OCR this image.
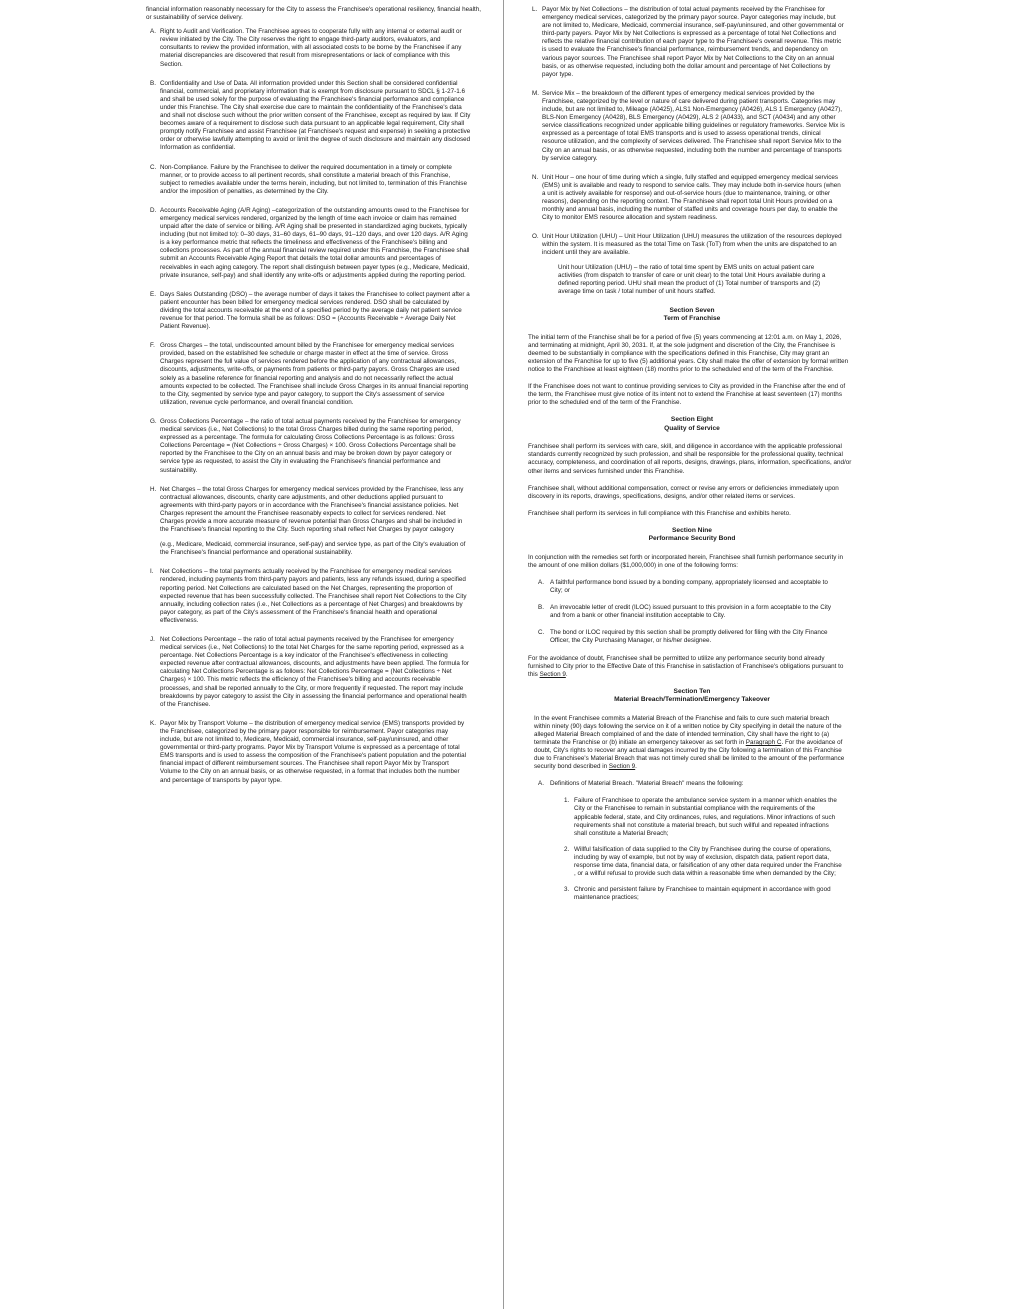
financial information reasonably necessary for the City to assess the Franchisee's operational resiliency, financial health, or sustainability of service delivery.

A. Right to Audit and Verification. The Franchisee agrees to cooperate fully with any internal or external audit or review initiated by the City. The City reserves the right to engage third-party auditors, evaluators, and consultants to review the provided information, with all associated costs to be borne by the Franchisee if any material discrepancies are discovered that result from misrepresentations or lack of compliance with this Section.

B. Confidentiality and Use of Data. All information provided under this Section shall be considered confidential financial, commercial, and proprietary information that is exempt from disclosure pursuant to SDCL § 1-27-1.6 and shall be used solely for the purpose of evaluating the Franchisee's financial performance and compliance under this Franchise. The City shall exercise due care to maintain the confidentiality of the Franchisee's data and shall not disclose such without the prior written consent of the Franchisee, except as required by law. If City becomes aware of a requirement to disclose such data pursuant to an applicable legal requirement, City shall promptly notify Franchisee and assist Franchisee (at Franchisee's request and expense) in seeking a protective order or otherwise lawfully attempting to avoid or limit the degree of such disclosure and maintain any disclosed Information as confidential.

C. Non-Compliance. Failure by the Franchisee to deliver the required documentation in a timely or complete manner, or to provide access to all pertinent records, shall constitute a material breach of this Franchise, subject to remedies available under the terms herein, including, but not limited to, termination of this Franchise and/or the imposition of penalties, as determined by the City.

D. Accounts Receivable Aging (A/R Aging) –categorization of the outstanding amounts owed to the Franchisee for emergency medical services rendered, organized by the length of time each invoice or claim has remained unpaid after the date of service or billing. A/R Aging shall be presented in standardized aging buckets, typically including (but not limited to): 0–30 days, 31–60 days, 61–90 days, 91–120 days, and over 120 days. A/R Aging is a key performance metric that reflects the timeliness and effectiveness of the Franchisee's billing and collections processes. As part of the annual financial review required under this Franchise, the Franchisee shall submit an Accounts Receivable Aging Report that details the total dollar amounts and percentages of receivables in each aging category. The report shall distinguish between payer types (e.g., Medicare, Medicaid, private insurance, self-pay) and shall identify any write-offs or adjustments applied during the reporting period.

E. Days Sales Outstanding (DSO) – the average number of days it takes the Franchisee to collect payment after a patient encounter has been billed for emergency medical services rendered. DSO shall be calculated by dividing the total accounts receivable at the end of a specified period by the average daily net patient service revenue for that period. The formula shall be as follows: DSO = (Accounts Receivable ÷ Average Daily Net Patient Revenue).

F. Gross Charges – the total, undiscounted amount billed by the Franchisee for emergency medical services provided, based on the established fee schedule or charge master in effect at the time of service. Gross Charges represent the full value of services rendered before the application of any contractual allowances, discounts, adjustments, write-offs, or payments from patients or third-party payors. Gross Charges are used solely as a baseline reference for financial reporting and analysis and do not necessarily reflect the actual amounts expected to be collected. The Franchisee shall include Gross Charges in its annual financial reporting to the City, segmented by service type and payor category, to support the City's assessment of service utilization, revenue cycle performance, and overall financial condition.

G. Gross Collections Percentage – the ratio of total actual payments received by the Franchisee for emergency medical services (i.e., Net Collections) to the total Gross Charges billed during the same reporting period, expressed as a percentage. The formula for calculating Gross Collections Percentage is as follows: Gross Collections Percentage = (Net Collections ÷ Gross Charges) × 100. Gross Collections Percentage shall be reported by the Franchisee to the City on an annual basis and may be broken down by payor category or service type as requested, to assist the City in evaluating the Franchisee's financial performance and sustainability.

H. Net Charges – the total Gross Charges for emergency medical services provided by the Franchisee, less any contractual allowances, discounts, charity care adjustments, and other deductions applied pursuant to agreements with third-party payors or in accordance with the Franchisee's financial assistance policies. Net Charges represent the amount the Franchisee reasonably expects to collect for services rendered. Net Charges provide a more accurate measure of revenue potential than Gross Charges and shall be included in the Franchisee's financial reporting to the City. Such reporting shall reflect Net Charges by payor category

(e.g., Medicare, Medicaid, commercial insurance, self-pay) and service type, as part of the City's evaluation of the Franchisee's financial performance and operational sustainability.

I.	Net Collections – the total payments actually received by the Franchisee for emergency medical services rendered, including payments from third-party payors and patients, less any refunds issued, during a specified reporting period. Net Collections are calculated based on the Net Charges, representing the proportion of expected revenue that has been successfully collected. The Franchisee shall report Net Collections to the City annually, including collection rates (i.e., Net Collections as a percentage of Net Charges) and breakdowns by payor category, as part of the City's assessment of the Franchisee's financial health and operational effectiveness.

J. Net Collections Percentage – the ratio of total actual payments received by the Franchisee for emergency medical services (i.e., Net Collections) to the total Net Charges for the same reporting period, expressed as a percentage. Net Collections Percentage is a key indicator of the Franchisee's effectiveness in collecting expected revenue after contractual allowances, discounts, and adjustments have been applied. The formula for calculating Net Collections Percentage is as follows: Net Collections Percentage = (Net Collections ÷ Net Charges) × 100. This metric reflects the efficiency of the Franchisee's billing and accounts receivable processes, and shall be reported annually to the City, or more frequently if requested. The report may include breakdowns by payor category to assist the City in assessing the financial performance and operational health of the Franchisee.

K. Payor Mix by Transport Volume – the distribution of emergency medical service (EMS) transports provided by the Franchisee, categorized by the primary payor responsible for reimbursement. Payor categories may include, but are not limited to, Medicare, Medicaid, commercial insurance, self-pay/uninsured, and other governmental or third-party programs. Payor Mix by Transport Volume is expressed as a percentage of total EMS transports and is used to assess the composition of the Franchisee's patient population and the potential financial impact of different reimbursement sources. The Franchisee shall report Payor Mix by Transport Volume to the City on an annual basis, or as otherwise requested, in a format that includes both the number and percentage of transports by payor type.

L. Payor Mix by Net Collections – the distribution of total actual payments received by the Franchisee for emergency medical services, categorized by the primary payor source. Payor categories may include, but are not limited to, Medicare, Medicaid, commercial insurance, self-pay/uninsured, and other governmental or third-party payers. Payor Mix by Net Collections is expressed as a percentage of total Net Collections and reflects the relative financial contribution of each payor type to the Franchisee's overall revenue. This metric is used to evaluate the Franchisee's financial performance, reimbursement trends, and dependency on various payor sources. The Franchisee shall report Payor Mix by Net Collections to the City on an annual basis, or as otherwise requested, including both the dollar amount and percentage of Net Collections by payor type.

M. Service Mix – the breakdown of the different types of emergency medical services provided by the Franchisee, categorized by the level or nature of care delivered during patient transports. Categories may include, but are not limited to, Mileage (A0425), ALS1 Non-Emergency (A0426), ALS 1 Emergency (A0427), BLS-Non Emergency (A0428), BLS Emergency (A0429), ALS 2 (A0433), and SCT (A0434) and any other service classifications recognized under applicable billing guidelines or regulatory frameworks. Service Mix is expressed as a percentage of total EMS transports and is used to assess operational trends, clinical resource utilization, and the complexity of services delivered. The Franchisee shall report Service Mix to the City on an annual basis, or as otherwise requested, including both the number and percentage of transports by service category.

N. Unit Hour – one hour of time during which a single, fully staffed and equipped emergency medical services (EMS) unit is available and ready to respond to service calls. They may include both in-service hours (when a unit is actively available for response) and out-of-service hours (due to maintenance, training, or other reasons), depending on the reporting context. The Franchisee shall report total Unit Hours provided on a monthly and annual basis, including the number of staffed units and coverage hours per day, to enable the City to monitor EMS resource allocation and system readiness.

O. Unit Hour Utilization (UHU) – Unit Hour Utilization (UHU) measures the utilization of the resources deployed within the system. It is measured as the total Time on Task (ToT) from when the units are dispatched to an incident until they are available.

Unit hour Utilization (UHU) – the ratio of total time spent by EMS units on actual patient care activities (from dispatch to transfer of care or unit clear) to the total Unit Hours available during a defined reporting period. UHU shall mean the product of (1) Total number of transports and (2) average time on task / total number of unit hours staffed.
Section Seven
Term of Franchise

The initial term of the Franchise shall be for a period of five (5) years commencing at 12:01 a.m. on May 1, 2026, and terminating at midnight, April 30, 2031. If, at the sole judgment and discretion of the City, the Franchisee is deemed to be substantially in compliance with the specifications defined in this Franchise, City may grant an extension of the Franchise for up to five (5) additional years. City shall make the offer of extension by formal written notice to the Franchisee at least eighteen (18) months prior to the scheduled end of the term of the Franchise.

If the Franchisee does not want to continue providing services to City as provided in the Franchise after the end of the term, the Franchisee must give notice of its intent not to extend the Franchise at least seventeen (17) months prior to the scheduled end of the term of the Franchise.

Section Eight
Quality of Service

Franchisee shall perform its services with care, skill, and diligence in accordance with the applicable professional standards currently recognized by such profession, and shall be responsible for the professional quality, technical accuracy, completeness, and coordination of all reports, designs, drawings, plans, information, specifications, and/or other items and services furnished under this Franchise.

Franchisee shall, without additional compensation, correct or revise any errors or deficiencies immediately upon discovery in its reports, drawings, specifications, designs, and/or other related items or services.

Franchisee shall perform its services in full compliance with this Franchise and exhibits hereto.

Section Nine
Performance Security Bond

In conjunction with the remedies set forth or incorporated herein, Franchisee shall furnish performance security in the amount of one million dollars ($1,000,000) in one of the following forms:

A. A faithful performance bond issued by a bonding company, appropriately licensed and acceptable to City; or
B. An irrevocable letter of credit (ILOC) issued pursuant to this provision in a form acceptable to the City and from a bank or other financial institution acceptable to City.
C. The bond or ILOC required by this section shall be promptly delivered for filing with the City Finance Officer, the City Purchasing Manager, or his/her designee.

For the avoidance of doubt, Franchisee shall be permitted to utilize any performance security bond already furnished to City prior to the Effective Date of this Franchise in satisfaction of Franchisee's obligations pursuant to this Section 9.

Section Ten
Material Breach/Termination/Emergency Takeover

In the event Franchisee commits a Material Breach of the Franchise and fails to cure such material breach within ninety (90) days following the service on it of a written notice by City specifying in detail the nature of the alleged Material Breach complained of and the date of intended termination, City shall have the right to (a) terminate the Franchise or (b) initiate an emergency takeover as set forth in Paragraph C. For the avoidance of doubt, City's rights to recover any actual damages incurred by the City following a termination of this Franchise due to Franchisee's Material Breach that was not timely cured shall be limited to the amount of the performance security bond described in Section 9.

A. Definitions of Material Breach. "Material Breach" means the following:
1. Failure of Franchisee to operate the ambulance service system in a manner which enables the City or the Franchisee to remain in substantial compliance with the requirements of the applicable federal, state, and City ordinances, rules, and regulations. Minor infractions of such requirements shall not constitute a material breach, but such willful and repeated infractions shall constitute a Material Breach;
2. Willful falsification of data supplied to the City by Franchisee during the course of operations, including by way of example, but not by way of exclusion, dispatch data, patient report data, response time data, financial data, or falsification of any other data required under the Franchise , or a willful refusal to provide such data within a reasonable time when demanded by the City;
3. Chronic and persistent failure by Franchisee to maintain equipment in accordance with good maintenance practices;
